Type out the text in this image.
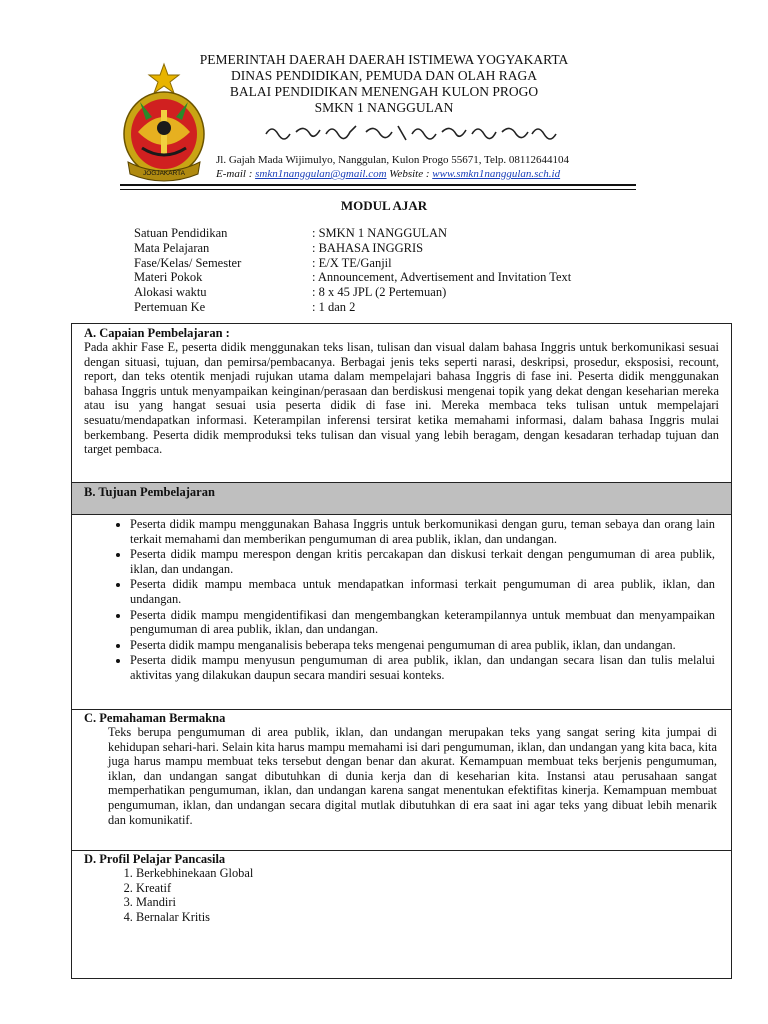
JOGJAKARTA
PEMERINTAH DAERAH DAERAH ISTIMEWA YOGYAKARTA
DINAS PENDIDIKAN, PEMUDA DAN OLAH RAGA
BALAI PENDIDIKAN MENENGAH KULON PROGO
SMKN 1 NANGGULAN
Jl. Gajah Mada Wijimulyo, Nanggulan, Kulon Progo 55671, Telp. 08112644104
E-mail : smkn1nanggulan@gmail.com Website : www.smkn1nanggulan.sch.id
MODUL AJAR
Satuan Pendidikan	: SMKN 1 NANGGULAN
Mata Pelajaran	: BAHASA INGGRIS
Fase/Kelas/ Semester	: E/X TE/Ganjil
Materi Pokok	: Announcement, Advertisement and Invitation Text
Alokasi waktu	: 8 x 45 JPL (2 Pertemuan)
Pertemuan Ke	: 1 dan 2
A. Capaian Pembelajaran :
Pada akhir Fase E, peserta didik menggunakan teks lisan, tulisan dan visual dalam bahasa Inggris untuk berkomunikasi sesuai dengan situasi, tujuan, dan pemirsa/pembacanya. Berbagai jenis teks seperti narasi, deskripsi, prosedur, eksposisi, recount, report, dan teks otentik menjadi rujukan utama dalam mempelajari bahasa Inggris di fase ini. Peserta didik menggunakan bahasa Inggris untuk menyampaikan keinginan/perasaan dan berdiskusi mengenai topik yang dekat dengan keseharian mereka atau isu yang hangat sesuai usia peserta didik di fase ini. Mereka membaca teks tulisan untuk mempelajari sesuatu/mendapatkan informasi. Keterampilan inferensi tersirat ketika memahami informasi, dalam bahasa Inggris mulai berkembang. Peserta didik memproduksi teks tulisan dan visual yang lebih beragam, dengan kesadaran terhadap tujuan dan target pembaca.
B. Tujuan Pembelajaran
• Peserta didik mampu menggunakan Bahasa Inggris untuk berkomunikasi dengan guru, teman sebaya dan orang lain terkait memahami dan memberikan pengumuman di area publik, iklan, dan undangan.
• Peserta didik mampu merespon dengan kritis percakapan dan diskusi terkait dengan pengumuman di area publik, iklan, dan undangan.
• Peserta didik mampu membaca untuk mendapatkan informasi terkait pengumuman di area publik, iklan, dan undangan.
• Peserta didik mampu mengidentifikasi dan mengembangkan keterampilannya untuk membuat dan menyampaikan pengumuman di area publik, iklan, dan undangan.
• Peserta didik mampu menganalisis beberapa teks mengenai pengumuman di area publik, iklan, dan undangan.
• Peserta didik mampu menyusun pengumuman di area publik, iklan, dan undangan secara lisan dan tulis melalui aktivitas yang dilakukan daupun secara mandiri sesuai konteks.
C. Pemahaman Bermakna
Teks berupa pengumuman di area publik, iklan, dan undangan merupakan teks yang sangat sering kita jumpai di kehidupan sehari-hari. Selain kita harus mampu memahami isi dari pengumuman, iklan, dan undangan yang kita baca, kita juga harus mampu membuat teks tersebut dengan benar dan akurat. Kemampuan membuat teks berjenis pengumuman, iklan, dan undangan sangat dibutuhkan di dunia kerja dan di keseharian kita. Instansi atau perusahaan sangat memperhatikan pengumuman, iklan, dan undangan karena sangat menentukan efektifitas kinerja. Kemampuan membuat pengumuman, iklan, dan undangan secara digital mutlak dibutuhkan di era saat ini agar teks yang dibuat lebih menarik dan komunikatif.
D. Profil Pelajar Pancasila
1. Berkebhinekaan Global
2. Kreatif
3. Mandiri
4. Bernalar Kritis
